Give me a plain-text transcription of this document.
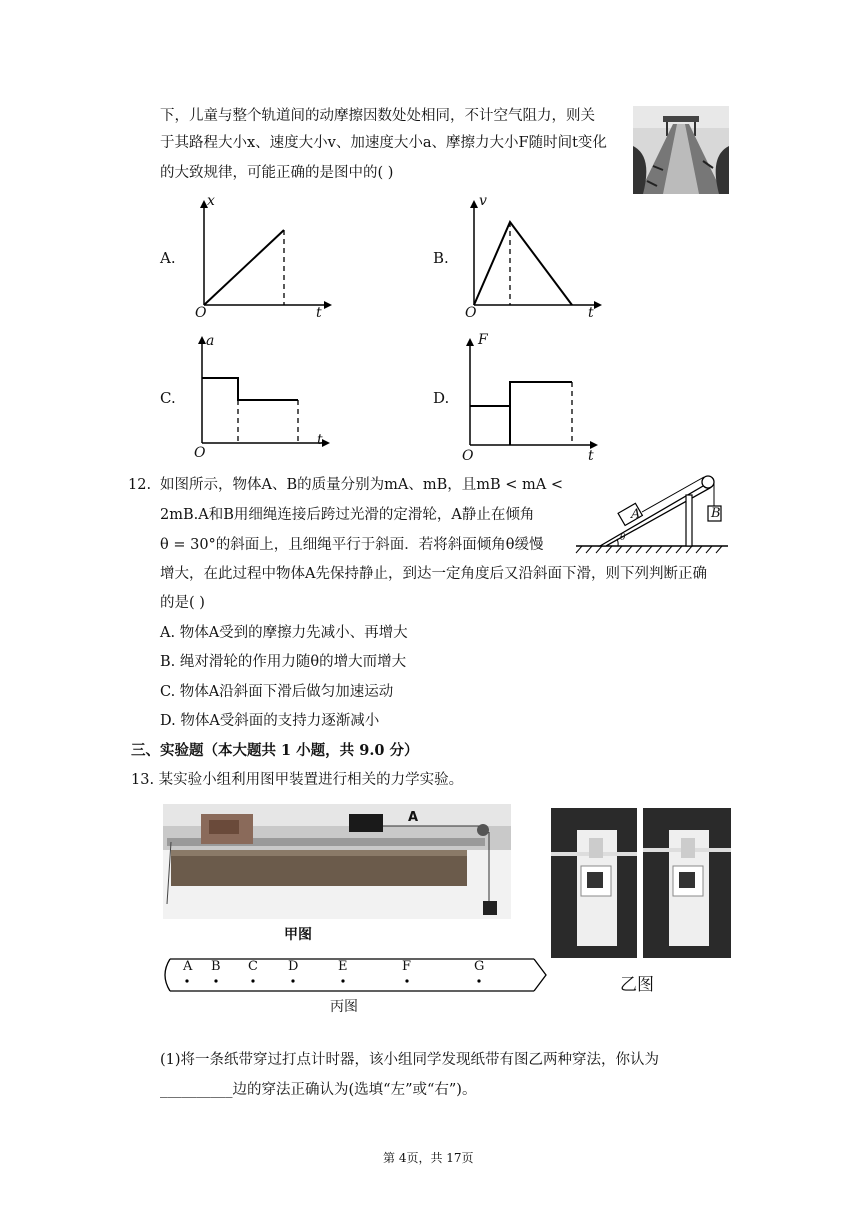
下，儿童与整个轨道间的动摩擦因数处处相同，不计空气阻力，则关
于其路程大小x、速度大小v、加速度大小a、摩擦力大小F随时间t变化
的大致规律，可能正确的是图中的( )
A.
x
t
O
B.
v
t
O
C.
a
t
O
D.
F
t
O
12. 如图所示，物体A、B的质量分别为mA、mB，且mB < mA <
2mB.A和B用细绳连接后跨过光滑的定滑轮，A静止在倾角
θ = 30°的斜面上，且细绳平行于斜面．若将斜面倾角θ缓慢
增大，在此过程中物体A先保持静止，到达一定角度后又沿斜面下滑，则下列判断正确
的是( )
A	B
θ
A. 物体A受到的摩擦力先减小、再增大
B. 绳对滑轮的作用力随θ的增大而增大
C. 物体A沿斜面下滑后做匀加速运动
D. 物体A受斜面的支持力逐渐减小
三、实验题（本大题共 1 小题，共 9.0 分）
13. 某实验小组利用图甲装置进行相关的力学实验。
A
甲图
乙图
A B C D	E	F	G
丙图
(1)将一条纸带穿过打点计时器，该小组同学发现纸带有图乙两种穿法，你认为
__________边的穿法正确认为(选填“左”或“右”)。
第 4页，共 17页
